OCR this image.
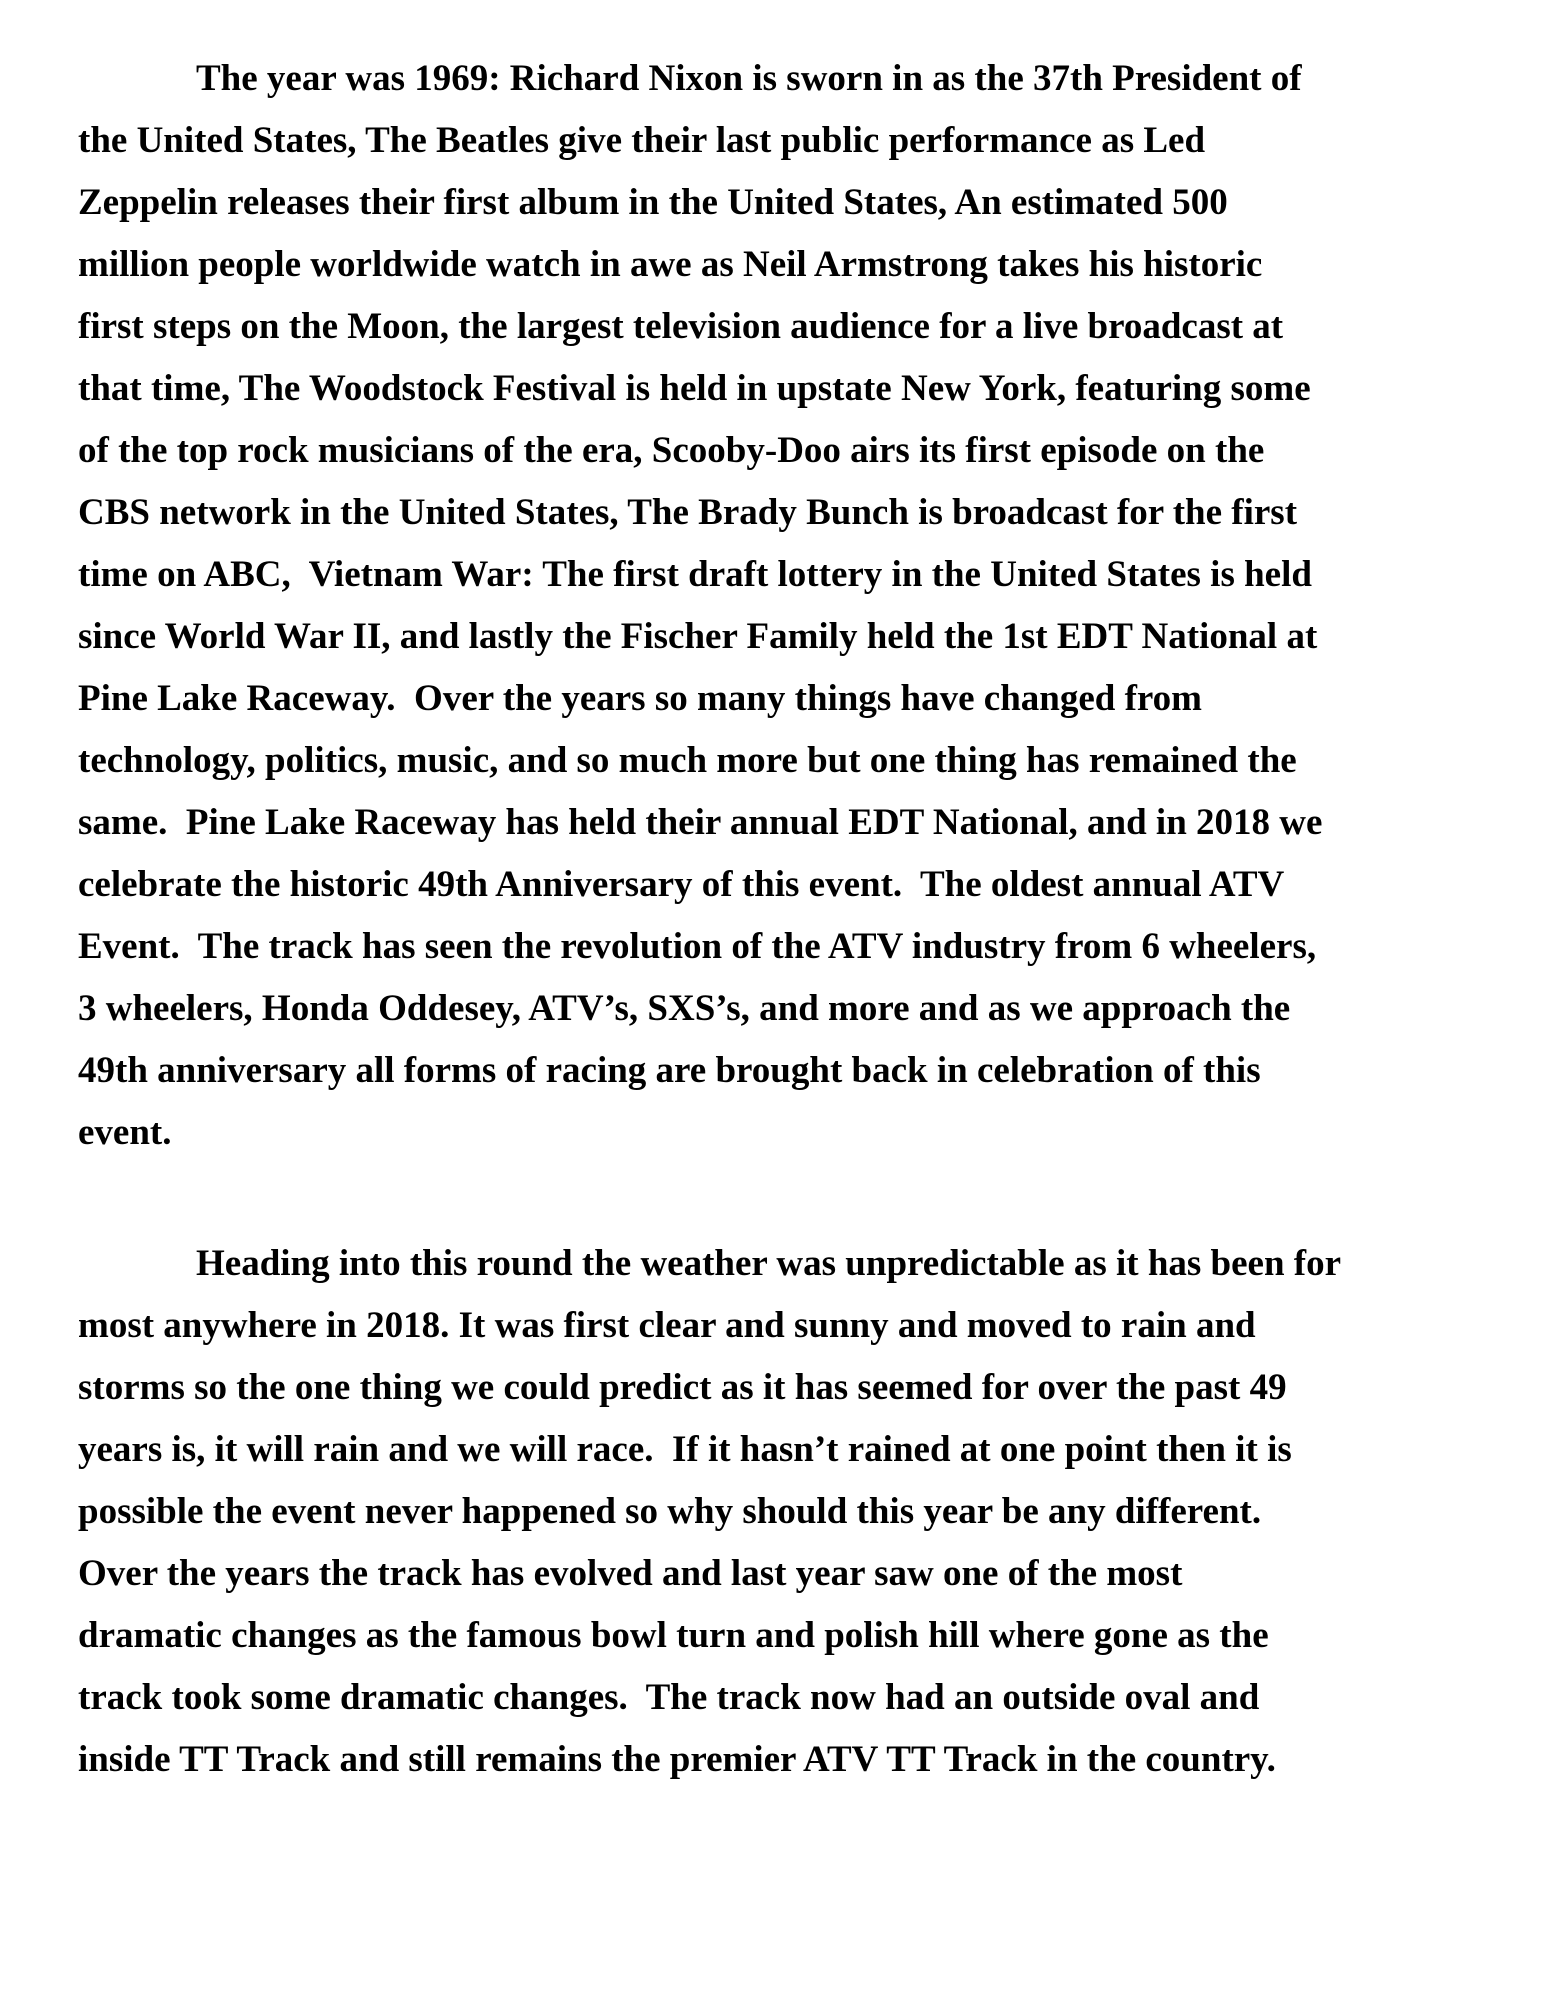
The year was 1969: Richard Nixon is sworn in as the 37th President of
the United States, The Beatles give their last public performance as Led
Zeppelin releases their first album in the United States, An estimated 500
million people worldwide watch in awe as Neil Armstrong takes his historic
first steps on the Moon, the largest television audience for a live broadcast at
that time, The Woodstock Festival is held in upstate New York, featuring some
of the top rock musicians of the era, Scooby-Doo airs its first episode on the
CBS network in the United States, The Brady Bunch is broadcast for the first
time on ABC,  Vietnam War: The first draft lottery in the United States is held
since World War II, and lastly the Fischer Family held the 1st EDT National at
Pine Lake Raceway.  Over the years so many things have changed from
technology, politics, music, and so much more but one thing has remained the
same.  Pine Lake Raceway has held their annual EDT National, and in 2018 we
celebrate the historic 49th Anniversary of this event.  The oldest annual ATV
Event.  The track has seen the revolution of the ATV industry from 6 wheelers,
3 wheelers, Honda Oddesey, ATV’s, SXS’s, and more and as we approach the
49th anniversary all forms of racing are brought back in celebration of this
event.

Heading into this round the weather was unpredictable as it has been for
most anywhere in 2018. It was first clear and sunny and moved to rain and
storms so the one thing we could predict as it has seemed for over the past 49
years is, it will rain and we will race.  If it hasn’t rained at one point then it is
possible the event never happened so why should this year be any different.
Over the years the track has evolved and last year saw one of the most
dramatic changes as the famous bowl turn and polish hill where gone as the
track took some dramatic changes.  The track now had an outside oval and
inside TT Track and still remains the premier ATV TT Track in the country.
